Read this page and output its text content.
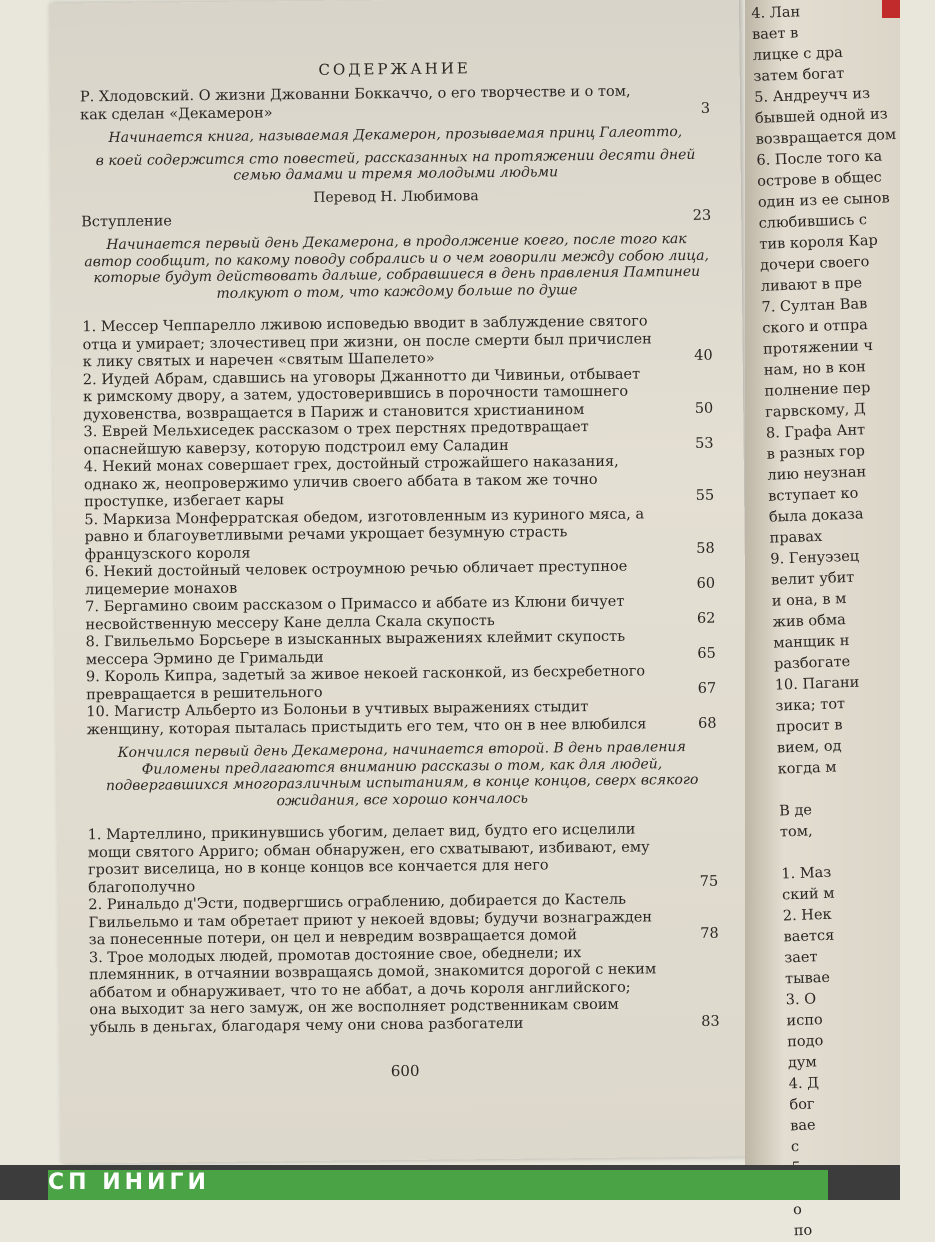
СОДЕРЖАНИЕ
Р. Хлодовский. О жизни Джованни Боккаччо, о его творчестве и о том, как сделан «Декамерон»	3
Начинается книга, называемая Декамерон, прозываемая принц Галеотто,
в коей содержится сто повестей, рассказанных на протяжении десяти дней семью дамами и тремя молодыми людьми
Перевод Н. Любимова
Вступление	23
Начинается первый день Декамерона, в продолжение коего, после того как автор сообщит, по какому поводу собрались и о чем говорили между собою лица, которые будут действовать дальше, собравшиеся в день правления Пампинеи толкуют о том, что каждому больше по душе
1. Мессер Чеппарелло лживою исповедью вводит в заблуждение святого отца и умирает; злочестивец при жизни, он после смерти был причислен к лику святых и наречен «святым Шапелето»	40
2. Иудей Абрам, сдавшись на уговоры Джаннотто ди Чивиньи, отбывает к римскому двору, а затем, удостоверившись в порочности тамошнего духовенства, возвращается в Париж и становится христианином	50
3. Еврей Мельхиседек рассказом о трех перстнях предотвращает опаснейшую каверзу, которую подстроил ему Саладин	53
4. Некий монах совершает грех, достойный строжайшего наказания, однако ж, неопровержимо уличив своего аббата в таком же точно проступке, избегает кары	55
5. Маркиза Монферратская обедом, изготовленным из куриного мяса, а равно и благоуветливыми речами укрощает безумную страсть французского короля	58
6. Некий достойный человек остроумною речью обличает преступное лицемерие монахов	60
7. Бергамино своим рассказом о Примассо и аббате из Клюни бичует несвойственную мессеру Кане делла Скала скупость	62
8. Гвильельмо Борсьере в изысканных выражениях клеймит скупость мессера Эрмино де Гримальди	65
9. Король Кипра, задетый за живое некоей гасконкой, из бесхребетного превращается в решительного	67
10. Магистр Альберто из Болоньи в учтивых выражениях стыдит женщину, которая пыталась пристыдить его тем, что он в нее влюбился	68
Кончился первый день Декамерона, начинается второй. В день правления Филомены предлагаются вниманию рассказы о том, как для людей, подвергавшихся многоразличным испытаниям, в конце концов, сверх всякого ожидания, все хорошо кончалось
1. Мартеллино, прикинувшись убогим, делает вид, будто его исцелили мощи святого Арриго; обман обнаружен, его схватывают, избивают, ему грозит виселица, но в конце концов все кончается для него благополучно	75
2. Ринальдо д'Эсти, подвергшись ограблению, добирается до Кастель Гвильельмо и там обретает приют у некоей вдовы; будучи вознагражден за понесенные потери, он цел и невредим возвращается домой	78
3. Трое молодых людей, промотав достояние свое, обеднели; их племянник, в отчаянии возвращаясь домой, знакомится дорогой с неким аббатом и обнаруживает, что то не аббат, а дочь короля английского; она выходит за него замуж, он же восполняет родственникам своим убыль в деньгах, благодаря чему они снова разбогатели	83
600
4. Лан
вает в
лицке с дра
затем богат
5. Андреучч из
бывшей одной из
возвращается дом
6. После того ка
острове в общес
один из ее сынов
слюбившись с
тив короля Кар
дочери своего
ливают в пре
7. Султан Вав
ского и отпра
протяжении ч
нам, но в кон
полнение пер
гарвскому, Д
8. Графа Ант
в разных гор
лию неузнан
вступает ко
была доказа
правах
9. Генуэзец
велит убит
и она, в м
жив обма
манщик н
разбогате
10. Пагани
зика; тот
просит в
вием, од
когда м

В де
том,

1. Маз
ский м
2. Нек
вается
зает
тывае
3. О
испо
подо
дум
4. Д
бог
вае
с
о
по
СП ИНИГИ
